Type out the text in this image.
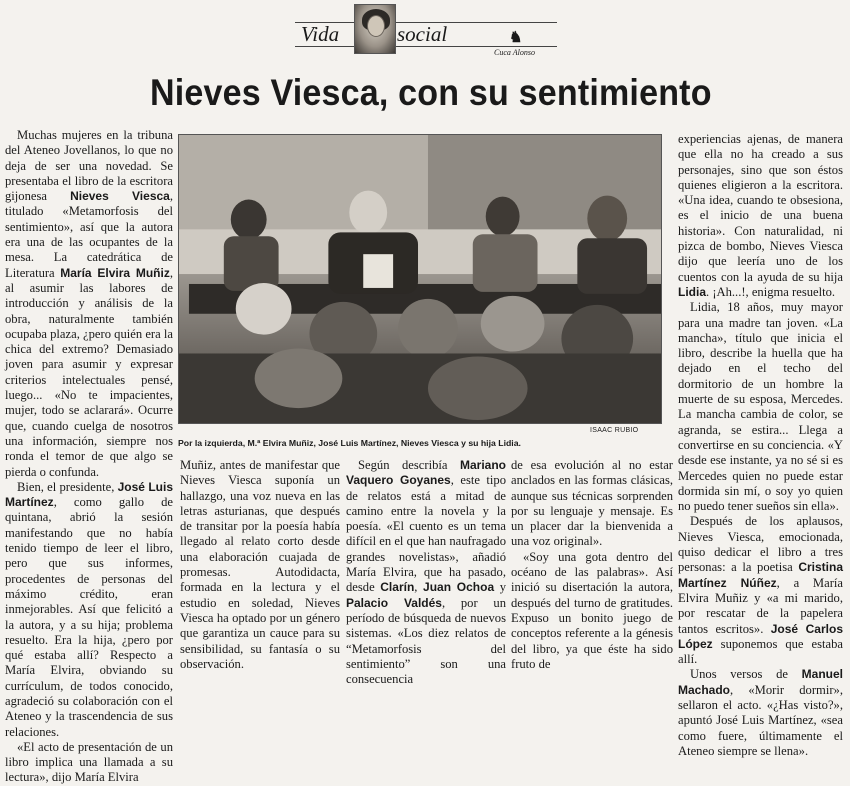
Vida	social	♞
Cuca Alonso
Nieves Viesca, con su sentimiento

Muchas mujeres en la tribuna del Ateneo Jovellanos, lo que no deja de ser una novedad. Se presentaba el libro de la escritora gijonesa Nieves Viesca, titulado «Metamorfosis del sentimiento», así que la autora era una de las ocupantes de la mesa. La catedrática de Literatura María Elvira Muñiz, al asumir las labores de introducción y análisis de la obra, naturalmente también ocupaba plaza, ¿pero quién era la chica del extremo? Demasiado joven para asumir y expresar criterios intelectuales pensé, luego... «No te impacientes, mujer, todo se aclarará». Ocurre que, cuando cuelga de nosotros una información, siempre nos ronda el temor de que algo se pierda o confunda.

Bien, el presidente, José Luis Martínez, como gallo de quintana, abrió la sesión manifestando que no había tenido tiempo de leer el libro, pero que sus informes, procedentes de personas del máximo crédito, eran inmejorables. Así que felicitó a la autora, y a su hija; problema resuelto. Era la hija, ¿pero por qué estaba allí? Respecto a María Elvira, obviando su currículum, de todos conocido, agradeció su colaboración con el Ateneo y la trascendencia de sus relaciones.

«El acto de presentación de un libro implica una llamada a su lectura», dijo María Elvira

ISAAC RUBIO

Por la izquierda, M.ª Elvira Muñiz, José Luis Martínez, Nieves Viesca y su hija Lidia.

Muñiz, antes de manifestar que Nieves Viesca suponía un hallazgo, una voz nueva en las letras asturianas, que después de transitar por la poesía había llegado al relato corto desde una elaboración cuajada de promesas. Autodidacta, formada en la lectura y el estudio en soledad, Nieves Viesca ha optado por un género que garantiza un cauce para su sensibilidad, su fantasía o su observación.

Según describía Mariano Vaquero Goyanes, este tipo de relatos está a mitad de camino entre la novela y la poesía. «El cuento es un tema difícil en el que han naufragado grandes novelistas», añadió María Elvira, que ha pasado, desde Clarín, Juan Ochoa y Palacio Valdés, por un período de búsqueda de nuevos sistemas. «Los diez relatos de “Metamorfosis del sentimiento” son una consecuencia

de esa evolución al no estar anclados en las formas clásicas, aunque sus técnicas sorprenden por su lenguaje y mensaje. Es un placer dar la bienvenida a una voz original».

«Soy una gota dentro del océano de las palabras». Así inició su disertación la autora, después del turno de gratitudes. Expuso un bonito juego de conceptos referente a la génesis del libro, ya que éste ha sido fruto de

experiencias ajenas, de manera que ella no ha creado a sus personajes, sino que son éstos quienes eligieron a la escritora. «Una idea, cuando te obsesiona, es el inicio de una buena historia». Con naturalidad, ni pizca de bombo, Nieves Viesca dijo que leería uno de los cuentos con la ayuda de su hija Lidia. ¡Ah...!, enigma resuelto.

Lidia, 18 años, muy mayor para una madre tan joven. «La mancha», título que inicia el libro, describe la huella que ha dejado en el techo del dormitorio de un hombre la muerte de su esposa, Mercedes. La mancha cambia de color, se agranda, se estira... Llega a convertirse en su conciencia. «Y desde ese instante, ya no sé si es Mercedes quien no puede estar dormida sin mí, o soy yo quien no puedo tener sueños sin ella».

Después de los aplausos, Nieves Viesca, emocionada, quiso dedicar el libro a tres personas: a la poetisa Cristina Martínez Núñez, a María Elvira Muñiz y «a mi marido, por rescatar de la papelera tantos escritos». José Carlos López suponemos que estaba allí.

Unos versos de Manuel Machado, «Morir dormir», sellaron el acto. «¿Has visto?», apuntó José Luis Martínez, «sea como fuere, últimamente el Ateneo siempre se llena».
